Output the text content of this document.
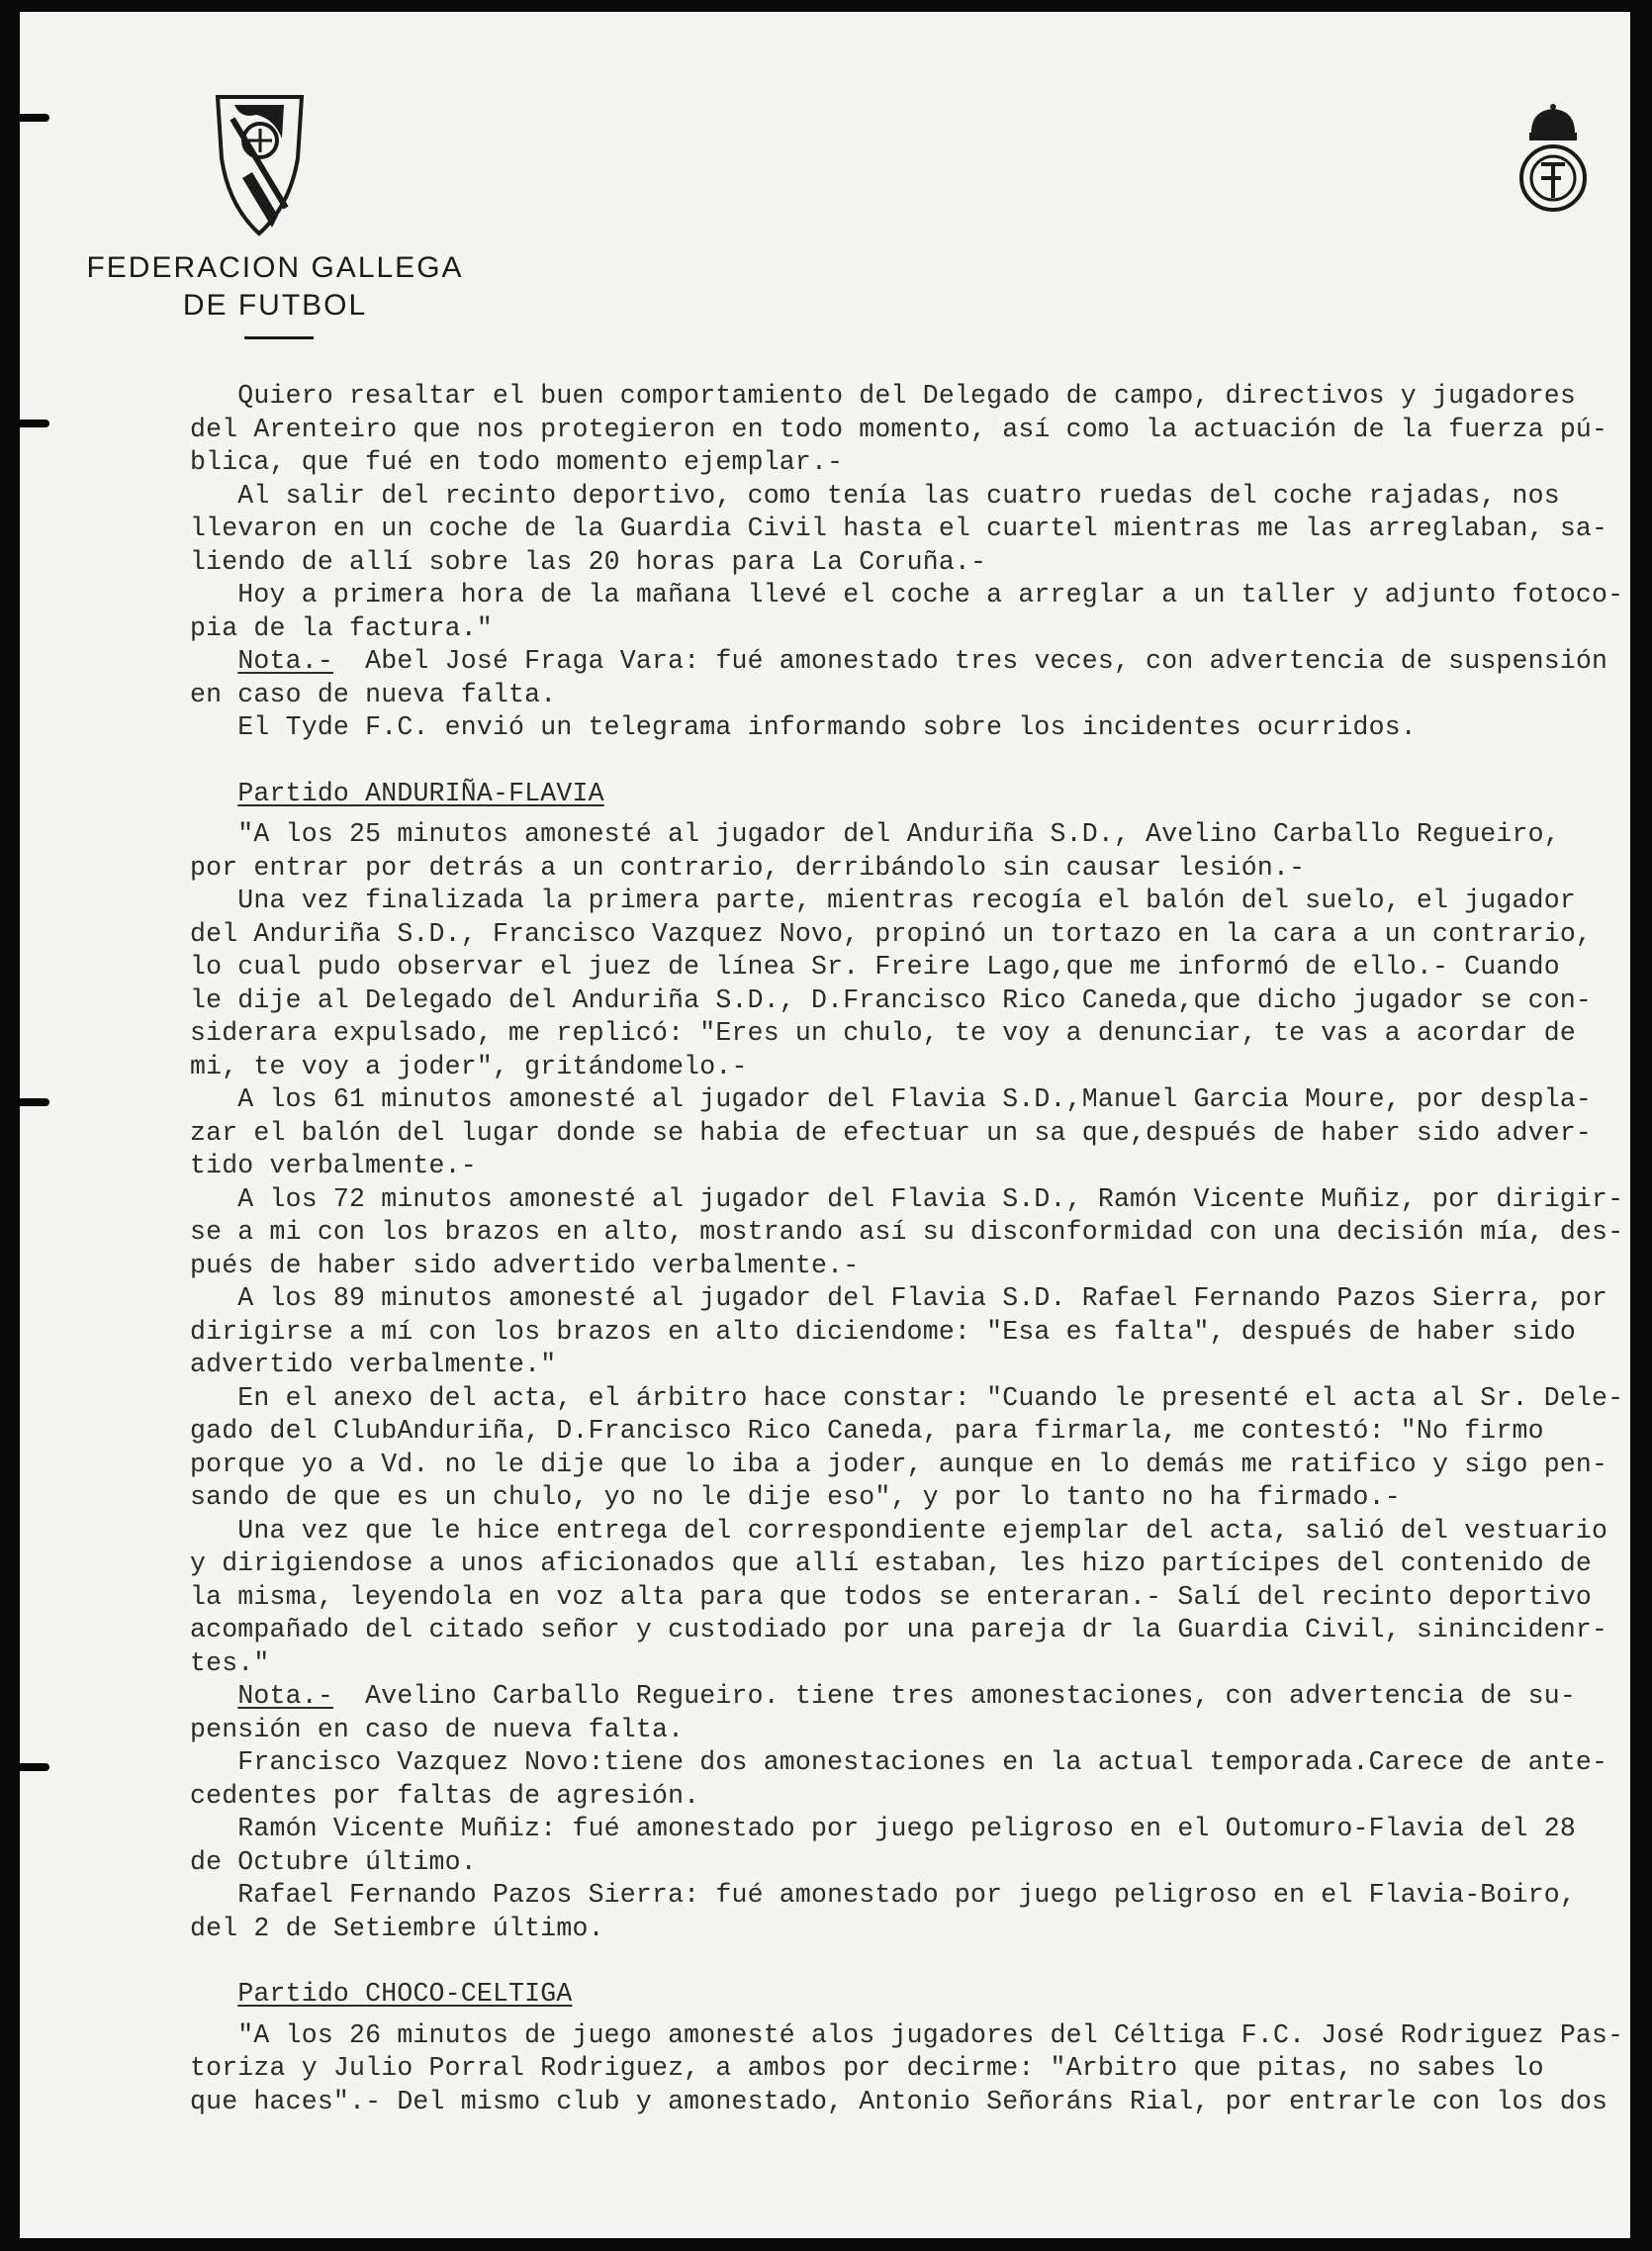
FEDERACION GALLEGA
DE FUTBOL

Quiero resaltar el buen comportamiento del Delegado de campo, directivos y jugadores

del Arenteiro que nos protegieron en todo momento, así como la actuación de la fuerza pú-

blica, que fué en todo momento ejemplar.-

Al salir del recinto deportivo, como tenía las cuatro ruedas del coche rajadas, nos

llevaron en un coche de la Guardia Civil hasta el cuartel mientras me las arreglaban, sa-

liendo de allí sobre las 20 horas para La Coruña.-

Hoy a primera hora de la mañana llevé el coche a arreglar a un taller y adjunto fotoco-

pia de la factura."

Nota.-  Abel José Fraga Vara: fué amonestado tres veces, con advertencia de suspensión

en caso de nueva falta.

El Tyde F.C. envió un telegrama informando sobre los incidentes ocurridos.

Partido ANDURIÑA-FLAVIA

"A los 25 minutos amonesté al jugador del Anduriña S.D., Avelino Carballo Regueiro,

por entrar por detrás a un contrario, derribándolo sin causar lesión.-

Una vez finalizada la primera parte, mientras recogía el balón del suelo, el jugador

del Anduriña S.D., Francisco Vazquez Novo, propinó un tortazo en la cara a un contrario,

lo cual pudo observar el juez de línea Sr. Freire Lago,que me informó de ello.- Cuando

le dije al Delegado del Anduriña S.D., D.Francisco Rico Caneda,que dicho jugador se con-

siderara expulsado, me replicó: "Eres un chulo, te voy a denunciar, te vas a acordar de

mi, te voy a joder", gritándomelo.-

A los 61 minutos amonesté al jugador del Flavia S.D.,Manuel Garcia Moure, por despla-

zar el balón del lugar donde se habia de efectuar un sa que,después de haber sido adver-

tido verbalmente.-

A los 72 minutos amonesté al jugador del Flavia S.D., Ramón Vicente Muñiz, por dirigir-

se a mi con los brazos en alto, mostrando así su disconformidad con una decisión mía, des-

pués de haber sido advertido verbalmente.-

A los 89 minutos amonesté al jugador del Flavia S.D. Rafael Fernando Pazos Sierra, por

dirigirse a mí con los brazos en alto diciendome: "Esa es falta", después de haber sido

advertido verbalmente."

En el anexo del acta, el árbitro hace constar: "Cuando le presenté el acta al Sr. Dele-

gado del ClubAnduriña, D.Francisco Rico Caneda, para firmarla, me contestó: "No firmo

porque yo a Vd. no le dije que lo iba a joder, aunque en lo demás me ratifico y sigo pen-

sando de que es un chulo, yo no le dije eso", y por lo tanto no ha firmado.-

Una vez que le hice entrega del correspondiente ejemplar del acta, salió del vestuario

y dirigiendose a unos aficionados que allí estaban, les hizo partícipes del contenido de

la misma, leyendola en voz alta para que todos se enteraran.- Salí del recinto deportivo

acompañado del citado señor y custodiado por una pareja dr la Guardia Civil, sinincidenr-

tes."

Nota.-  Avelino Carballo Regueiro. tiene tres amonestaciones, con advertencia de su-

pensión en caso de nueva falta.

Francisco Vazquez Novo:tiene dos amonestaciones en la actual temporada.Carece de ante-

cedentes por faltas de agresión.

Ramón Vicente Muñiz: fué amonestado por juego peligroso en el Outomuro-Flavia del 28

de Octubre último.

Rafael Fernando Pazos Sierra: fué amonestado por juego peligroso en el Flavia-Boiro,

del 2 de Setiembre último.

Partido CHOCO-CELTIGA

"A los 26 minutos de juego amonesté alos jugadores del Céltiga F.C. José Rodriguez Pas-

toriza y Julio Porral Rodriguez, a ambos por decirme: "Arbitro que pitas, no sabes lo

que haces".- Del mismo club y amonestado, Antonio Señoráns Rial, por entrarle con los dos
